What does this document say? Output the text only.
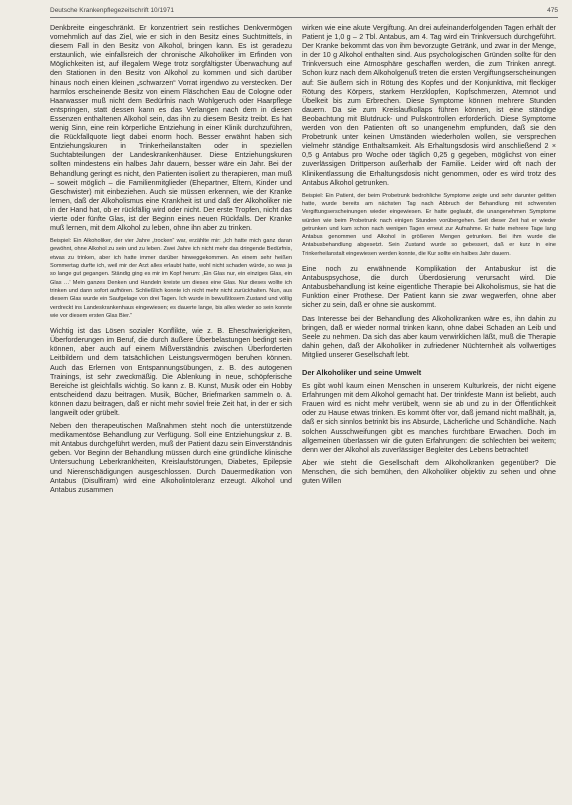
Deutsche Krankenpflegezeitschrift 10/1971	475

Denkbreite eingeschränkt. Er konzentriert sein restliches Denkvermögen vornehmlich auf das Ziel, wie er sich in den Besitz eines Suchtmittels, in diesem Fall in den Besitz von Alkohol, bringen kann. Es ist geradezu erstaunlich, wie einfallsreich der chronische Alkoholiker im Erfinden von Möglichkeiten ist, auf illegalem Wege trotz sorgfältigster Überwachung auf den Stationen in den Besitz von Alkohol zu kommen und sich darüber hinaus noch einen kleinen „schwarzen“ Vorrat irgendwo zu verstecken. Der harmlos erscheinende Besitz von einem Fläschchen Eau de Cologne oder Haarwasser muß nicht dem Bedürfnis nach Wohlgeruch oder Haarpflege entspringen, statt dessen kann es das Verlangen nach dem in diesen Essenzen enthaltenen Alkohol sein, das ihn zu diesem Besitz treibt. Es hat wenig Sinn, eine rein körperliche Entziehung in einer Klinik durchzuführen, die Rückfallquote liegt dabei enorm hoch. Besser erwähnt haben sich Entziehungskuren in Trinkerheilanstalten oder in speziellen Suchtabteilungen der Landeskrankenhäuser. Diese Entziehungskuren sollten mindestens ein halbes Jahr dauern, besser wäre ein Jahr. Bei der Behandlung geringt es nicht, den Patienten isoliert zu therapieren, man muß – soweit möglich – die Familienmitglieder (Ehepartner, Eltern, Kinder und Geschwister) mit einbeziehen. Auch sie müssen erkennen, wie der Kranke lernen, daß der Alkoholismus eine Krankheit ist und daß der Alkoholiker nie in der Hand hat, ob er rückfällig wird oder nicht. Der erste Tropfen, nicht das vierte oder fünfte Glas, ist der Beginn eines neuen Rückfalls. Der Kranke muß lernen, mit dem Alkohol zu leben, ohne ihn aber zu trinken.

Beispiel: Ein Alkoholiker, der vier Jahre „trocken“ war, erzählte mir: „Ich hatte mich ganz daran gewöhnt, ohne Alkohol zu sein und zu leben. Zwei Jahre ich nicht mehr das dringende Bedürfnis, etwas zu trinken, aber ich hatte immer darüber hinweggekommen. An einem sehr heißen Sommertag durfte ich, weil mir der Arzt alles erlaubt hatte, wohl nicht schaden würde, so was ja so lange gut gegangen. Ständig ging es mir im Kopf herum: ‚Ein Glas nur, ein einziges Glas, ein Glas …‘ Mein ganzes Denken und Handeln kreiste um dieses eine Glas. Nur dieses wollte ich trinken und dann sofort aufhören. Schließlich konnte ich nicht mehr nicht zurückhalten. Nun, aus diesem Glas wurde ein Saufgelage von drei Tagen. Ich wurde in bewußtlosem Zustand und völlig verdreckt ins Landeskrankenhaus eingewiesen; es dauerte lange, bis alles wieder so sein konnte wie vor diesem ersten Glas Bier.“

Wichtig ist das Lösen sozialer Konflikte, wie z. B. Eheschwierigkeiten, Überforderungen im Beruf, die durch äußere Überbelastungen bedingt sein können, aber auch auf einem Mißverständnis zwischen Überforderten Leitbildern und dem tatsächlichen Leistungsvermögen beruhen können. Auch das Erlernen von Entspannungsübungen, z. B. des autogenen Trainings, ist sehr zweckmäßig. Die Ablenkung in neue, schöpferische Bereiche ist gleichfalls wichtig. So kann z. B. Kunst, Musik oder ein Hobby entscheidend dazu beitragen. Musik, Bücher, Briefmarken sammeln o. ä. können dazu beitragen, daß er nicht mehr soviel freie Zeit hat, in der er sich langweilt oder grübelt.

Neben den therapeutischen Maßnahmen steht noch die unterstützende medikamentöse Behandlung zur Verfügung. Soll eine Entziehungskur z. B. mit Antabus durchgeführt werden, muß der Patient dazu sein Einverständnis geben. Vor Beginn der Behandlung müssen durch eine gründliche klinische Untersuchung Leberkrankheiten, Kreislaufstörungen, Diabetes, Epilepsie und Nierenschädigungen ausgeschlossen. Durch Dauermedikation von Antabus (Disulfiram) wird eine Alkoholintoleranz erzeugt. Alkohol und Antabus zusammen

wirken wie eine akute Vergiftung. An drei aufeinanderfolgenden Tagen erhält der Patient je 1,0 g – 2 Tbl. Antabus, am 4. Tag wird ein Trinkversuch durchgeführt. Der Kranke bekommt das von ihm bevorzugte Getränk, und zwar in der Menge, in der 10 g Alkohol enthalten sind. Aus psychologischen Gründen sollte für den Trinkversuch eine Atmosphäre geschaffen werden, die zum Trinken anregt. Schon kurz nach dem Alkoholgenuß treten die ersten Vergiftungserscheinungen auf: Sie äußern sich in Rötung des Kopfes und der Konjunktiva, mit fleckiger Rötung des Körpers, starkem Herzklopfen, Kopfschmerzen, Atemnot und Übelkeit bis zum Erbrechen. Diese Symptome können mehrere Stunden dauern. Da sie zum Kreislaufkollaps führen können, ist eine ständige Beobachtung mit Blutdruck- und Pulskontrollen erforderlich. Diese Symptome werden von den Patienten oft so unangenehm empfunden, daß sie den Probetrunk unter keinen Umständen wiederholen wollen, sie versprechen vielmehr ständige Enthaltsamkeit. Als Erhaltungsdosis wird anschließend 2 × 0,5 g Antabus pro Woche oder täglich 0,25 g gegeben, möglichst von einer zuverlässigen Drittperson außerhalb der Familie. Leider wird oft nach der Klinikentlassung die Erhaltungsdosis nicht genommen, oder es wird trotz des Antabus Alkohol getrunken.

Beispiel: Ein Patient, der beim Probetrunk bedrohliche Symptome zeigte und sehr darunter gelitten hatte, wurde bereits am nächsten Tag nach Abbruch der Behandlung mit schwersten Vergiftungserscheinungen wieder eingewiesen. Er hatte geglaubt, die unangenehmen Symptome würden wie beim Probetrunk nach einigen Stunden vorübergehen. Seit dieser Zeit hat er wieder getrunken und kam schon nach wenigen Tagen erneut zur Aufnahme. Er hatte mehrere Tage lang Antabus genommen und Alkohol in größeren Mengen getrunken. Bei ihm wurde die Antabusbehandlung abgesetzt. Sein Zustand wurde so gebessert, daß er kurz in eine Trinkerheilanstalt eingewiesen werden konnte, die Kur sollte ein halbes Jahr dauern.

Eine noch zu erwähnende Komplikation der Antabuskur ist die Antabuspsychose, die durch Überdosierung verursacht wird. Die Antabusbehandlung ist keine eigentliche Therapie bei Alkoholismus, sie hat die Funktion einer Prothese. Der Patient kann sie zwar wegwerfen, ohne aber sicher zu sein, daß er ohne sie auskommt.

Das Interesse bei der Behandlung des Alkoholkranken wäre es, ihn dahin zu bringen, daß er wieder normal trinken kann, ohne dabei Schaden an Leib und Seele zu nehmen. Da sich das aber kaum verwirklichen läßt, muß die Therapie dahin gehen, daß der Alkoholiker in zufriedener Nüchternheit als vollwertiges Mitglied unserer Gesellschaft lebt.

Der Alkoholiker und seine Umwelt

Es gibt wohl kaum einen Menschen in unserem Kulturkreis, der nicht eigene Erfahrungen mit dem Alkohol gemacht hat. Der trinkfeste Mann ist beliebt, auch Frauen wird es nicht mehr verübelt, wenn sie ab und zu in der Öffentlichkeit oder zu Hause etwas trinken. Es kommt öfter vor, daß jemand nicht maßhält, ja, daß er sich sinnlos betrinkt bis ins Absurde, Lächerliche und Schändliche. Nach solchen Ausschweifungen gibt es manches furchtbare Erwachen. Doch im allgemeinen überlassen wir die guten Erfahrungen: die schlechten bei weitem; denn wer der Alkohol als zuverlässiger Begleiter des Lebens betrachtet!

Aber wie steht die Gesellschaft dem Alkoholkranken gegenüber? Die Menschen, die sich bemühen, den Alkoholiker objektiv zu sehen und ohne guten Willen
